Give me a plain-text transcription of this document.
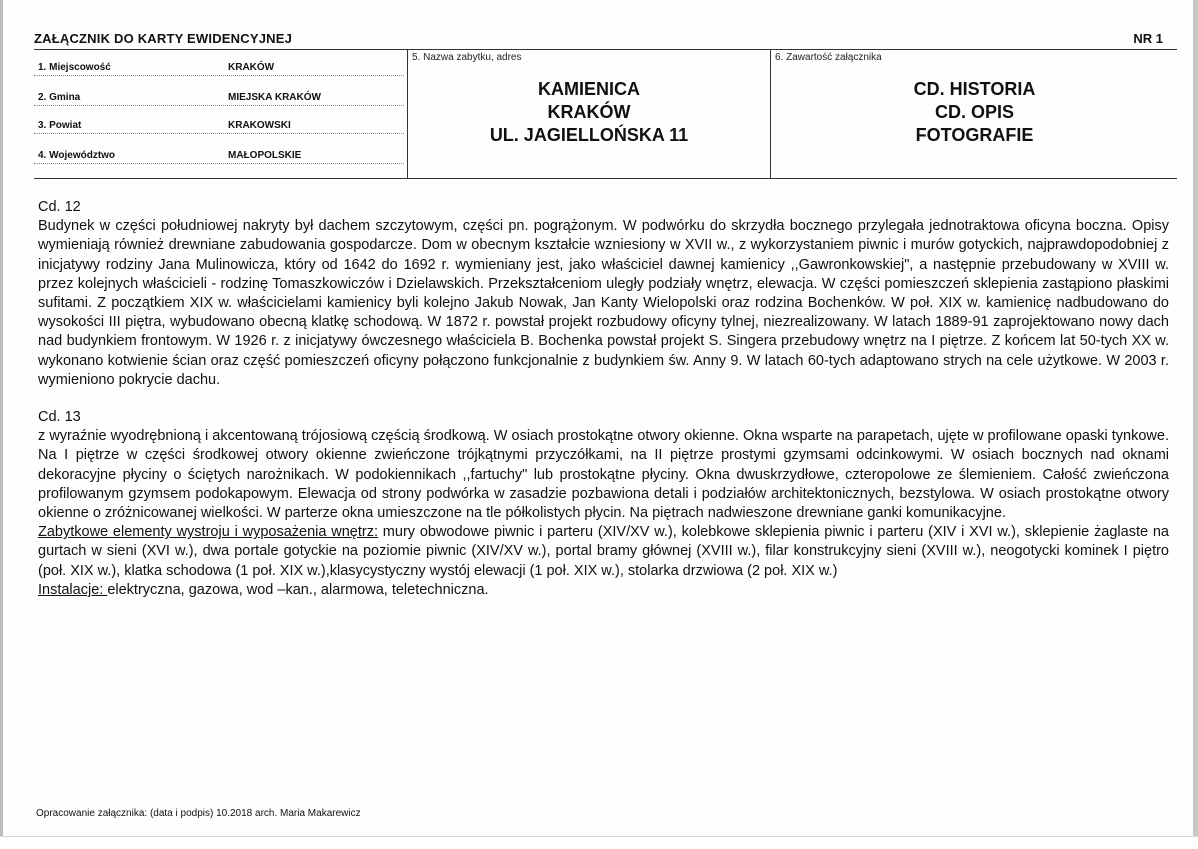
ZAŁĄCZNIK DO KARTY EWIDENCYJNEJ	NR 1
1. Miejscowość	KRAKÓW
2. Gmina	MIEJSKA KRAKÓW
3. Powiat	KRAKOWSKI
4. Województwo	MAŁOPOLSKIE
5. Nazwa zabytku, adres
KAMIENICA
KRAKÓW
UL. JAGIELLOŃSKA 11
6. Zawartość załącznika
CD. HISTORIA
CD. OPIS
FOTOGRAFIE

Cd. 12

Budynek w części południowej nakryty był dachem szczytowym, części pn. pogrążonym. W podwórku do skrzydła bocznego przylegała jednotraktowa oficyna boczna. Opisy wymieniają również drewniane zabudowania gospodarcze. Dom w obecnym kształcie wzniesiony w XVII w., z wykorzystaniem piwnic i murów gotyckich, najprawdopodobniej z inicjatywy rodziny Jana Mulinowicza, który od 1642 do 1692 r. wymieniany jest, jako właściciel dawnej kamienicy ,,Gawronkowskiej", a następnie przebudowany w XVIII w. przez kolejnych właścicieli - rodzinę Tomaszkowiczów i Dzielawskich. Przekształceniom uległy podziały wnętrz, elewacja. W części pomieszczeń sklepienia zastąpiono płaskimi sufitami. Z początkiem XIX w. właścicielami kamienicy byli kolejno Jakub Nowak, Jan Kanty Wielopolski oraz rodzina Bochenków. W poł. XIX w. kamienicę nadbudowano do wysokości III piętra, wybudowano obecną klatkę schodową. W 1872 r. powstał projekt rozbudowy oficyny tylnej, niezrealizowany. W latach 1889-91 zaprojektowano nowy dach nad budynkiem frontowym. W 1926 r. z inicjatywy ówczesnego właściciela B. Bochenka powstał projekt S. Singera przebudowy wnętrz na I piętrze. Z końcem lat 50-tych XX w. wykonano kotwienie ścian oraz część pomieszczeń oficyny połączono funkcjonalnie z budynkiem św. Anny 9. W latach 60-tych adaptowano strych na cele użytkowe. W 2003 r. wymieniono pokrycie dachu.

Cd. 13

z wyraźnie wyodrębnioną i akcentowaną trójosiową częścią środkową. W osiach prostokątne otwory okienne. Okna wsparte na parapetach, ujęte w profilowane opaski tynkowe. Na I piętrze w części środkowej otwory okienne zwieńczone trójkątnymi przyczółkami, na II piętrze prostymi gzymsami odcinkowymi. W osiach bocznych nad oknami dekoracyjne płyciny o ściętych narożnikach. W podokiennikach ,,fartuchy" lub prostokątne płyciny. Okna dwuskrzydłowe, czteropolowe ze ślemieniem. Całość zwieńczona profilowanym gzymsem podokapowym. Elewacja od strony podwórka w zasadzie pozbawiona detali i podziałów architektonicznych, bezstylowa. W osiach prostokątne otwory okienne o zróżnicowanej wielkości. W parterze okna umieszczone na tle półkolistych płycin. Na piętrach nadwieszone drewniane ganki komunikacyjne.

Zabytkowe elementy wystroju i wyposażenia wnętrz: mury obwodowe piwnic i parteru (XIV/XV w.), kolebkowe sklepienia piwnic i parteru (XIV i XVI w.), sklepienie żaglaste na gurtach w sieni (XVI w.), dwa portale gotyckie na poziomie piwnic (XIV/XV w.), portal bramy głównej (XVIII w.), filar konstrukcyjny sieni (XVIII w.), neogotycki kominek I piętro (poł. XIX w.), klatka schodowa (1 poł. XIX w.),klasycystyczny wystój elewacji (1 poł. XIX w.), stolarka drzwiowa (2 poł. XIX w.)

Instalacje: elektryczna, gazowa, wod –kan., alarmowa, teletechniczna.

Opracowanie załącznika: (data i podpis) 10.2018 arch. Maria Makarewicz
